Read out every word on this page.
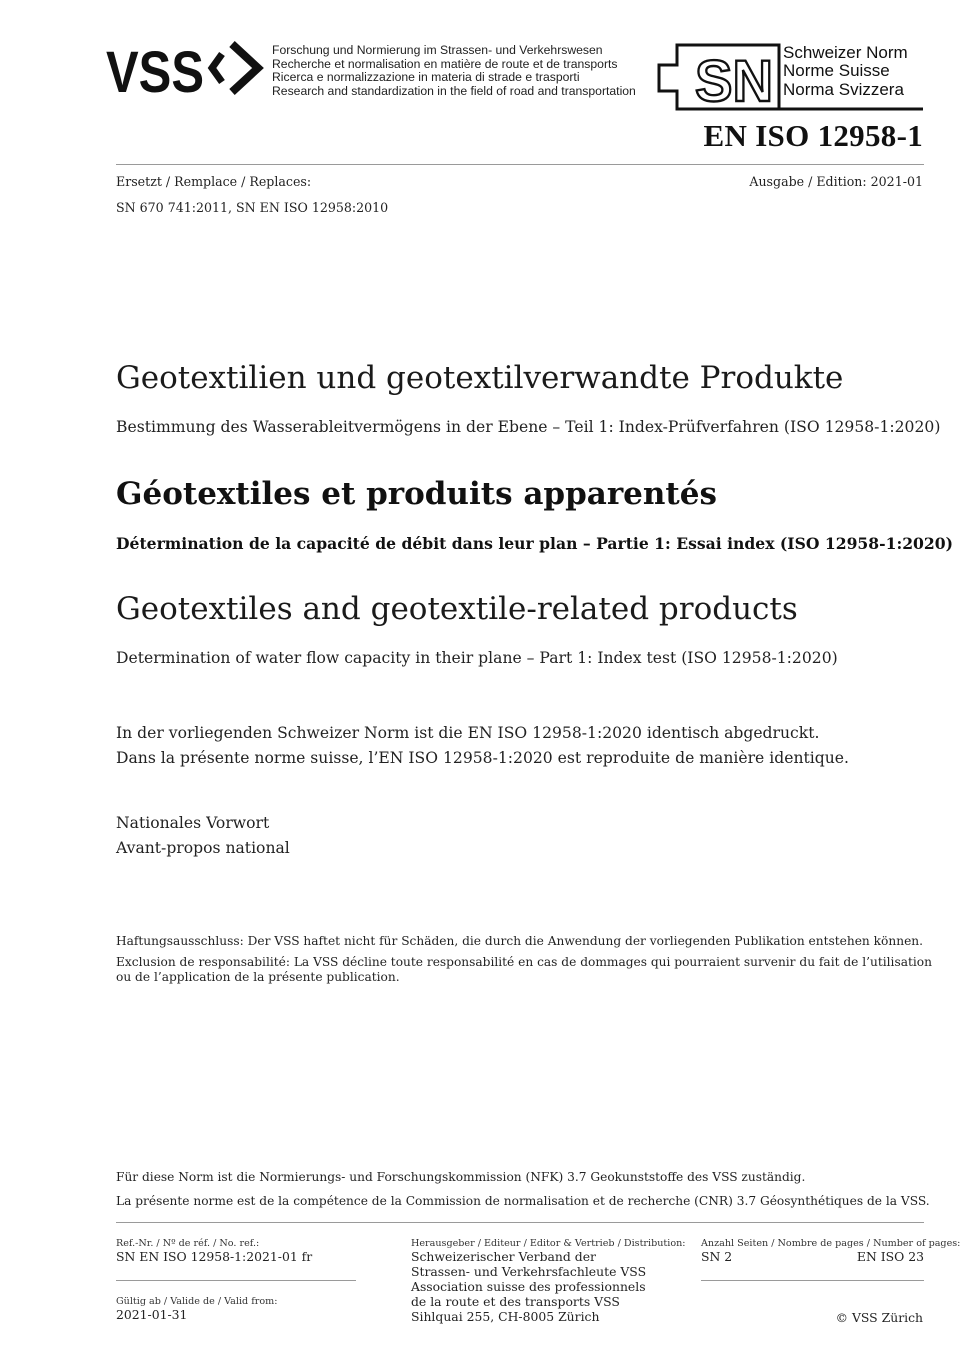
VSS	Forschung und Normierung im Strassen- und Verkehrswesen
Recherche et normalisation en matière de route et de transports
Ricerca e normalizzazione in materia di strade e trasporti
Research and standardization in the field of road and transportation SN Schweizer Norm
Norme Suisse
Norma Svizzera
EN ISO 12958-1
Ersetzt / Remplace / Replaces:	Ausgabe / Edition: 2021-01
SN 670 741:2011, SN EN ISO 12958:2010
Geotextilien und geotextilverwandte Produkte
Bestimmung des Wasserableitvermögens in der Ebene – Teil 1: Index-Prüfverfahren (ISO 12958-1:2020)
Géotextiles et produits apparentés
Détermination de la capacité de débit dans leur plan – Partie 1: Essai index (ISO 12958-1:2020)
Geotextiles and geotextile-related products
Determination of water flow capacity in their plane – Part 1: Index test (ISO 12958-1:2020)
In der vorliegenden Schweizer Norm ist die EN ISO 12958-1:2020 identisch abgedruckt.
Dans la présente norme suisse, l’EN ISO 12958-1:2020 est reproduite de manière identique.
Nationales Vorwort
Avant-propos national
Haftungsausschluss: Der VSS haftet nicht für Schäden, die durch die Anwendung der vorliegenden Publikation entstehen können.
Exclusion de responsabilité: La VSS décline toute responsabilité en cas de dommages qui pourraient survenir du fait de l’utilisation
ou de l’application de la présente publication.
Für diese Norm ist die Normierungs- und Forschungskommission (NFK) 3.7 Geokunststoffe des VSS zuständig.
La présente norme est de la compétence de la Commission de normalisation et de recherche (CNR) 3.7 Géosynthétiques de la VSS.
Ref.-Nr. / Nº de réf. / No. ref.:
SN EN ISO 12958-1:2021-01 fr
Gültig ab / Valide de / Valid from:
2021-01-31
Herausgeber / Editeur / Editor & Vertrieb / Distribution:
Schweizerischer Verband der
Strassen- und Verkehrsfachleute VSS
Association suisse des professionnels
de la route et des transports VSS
Sihlquai 255, CH-8005 Zürich
Anzahl Seiten / Nombre de pages / Number of pages:
SN 2	EN ISO 23
© VSS Zürich
